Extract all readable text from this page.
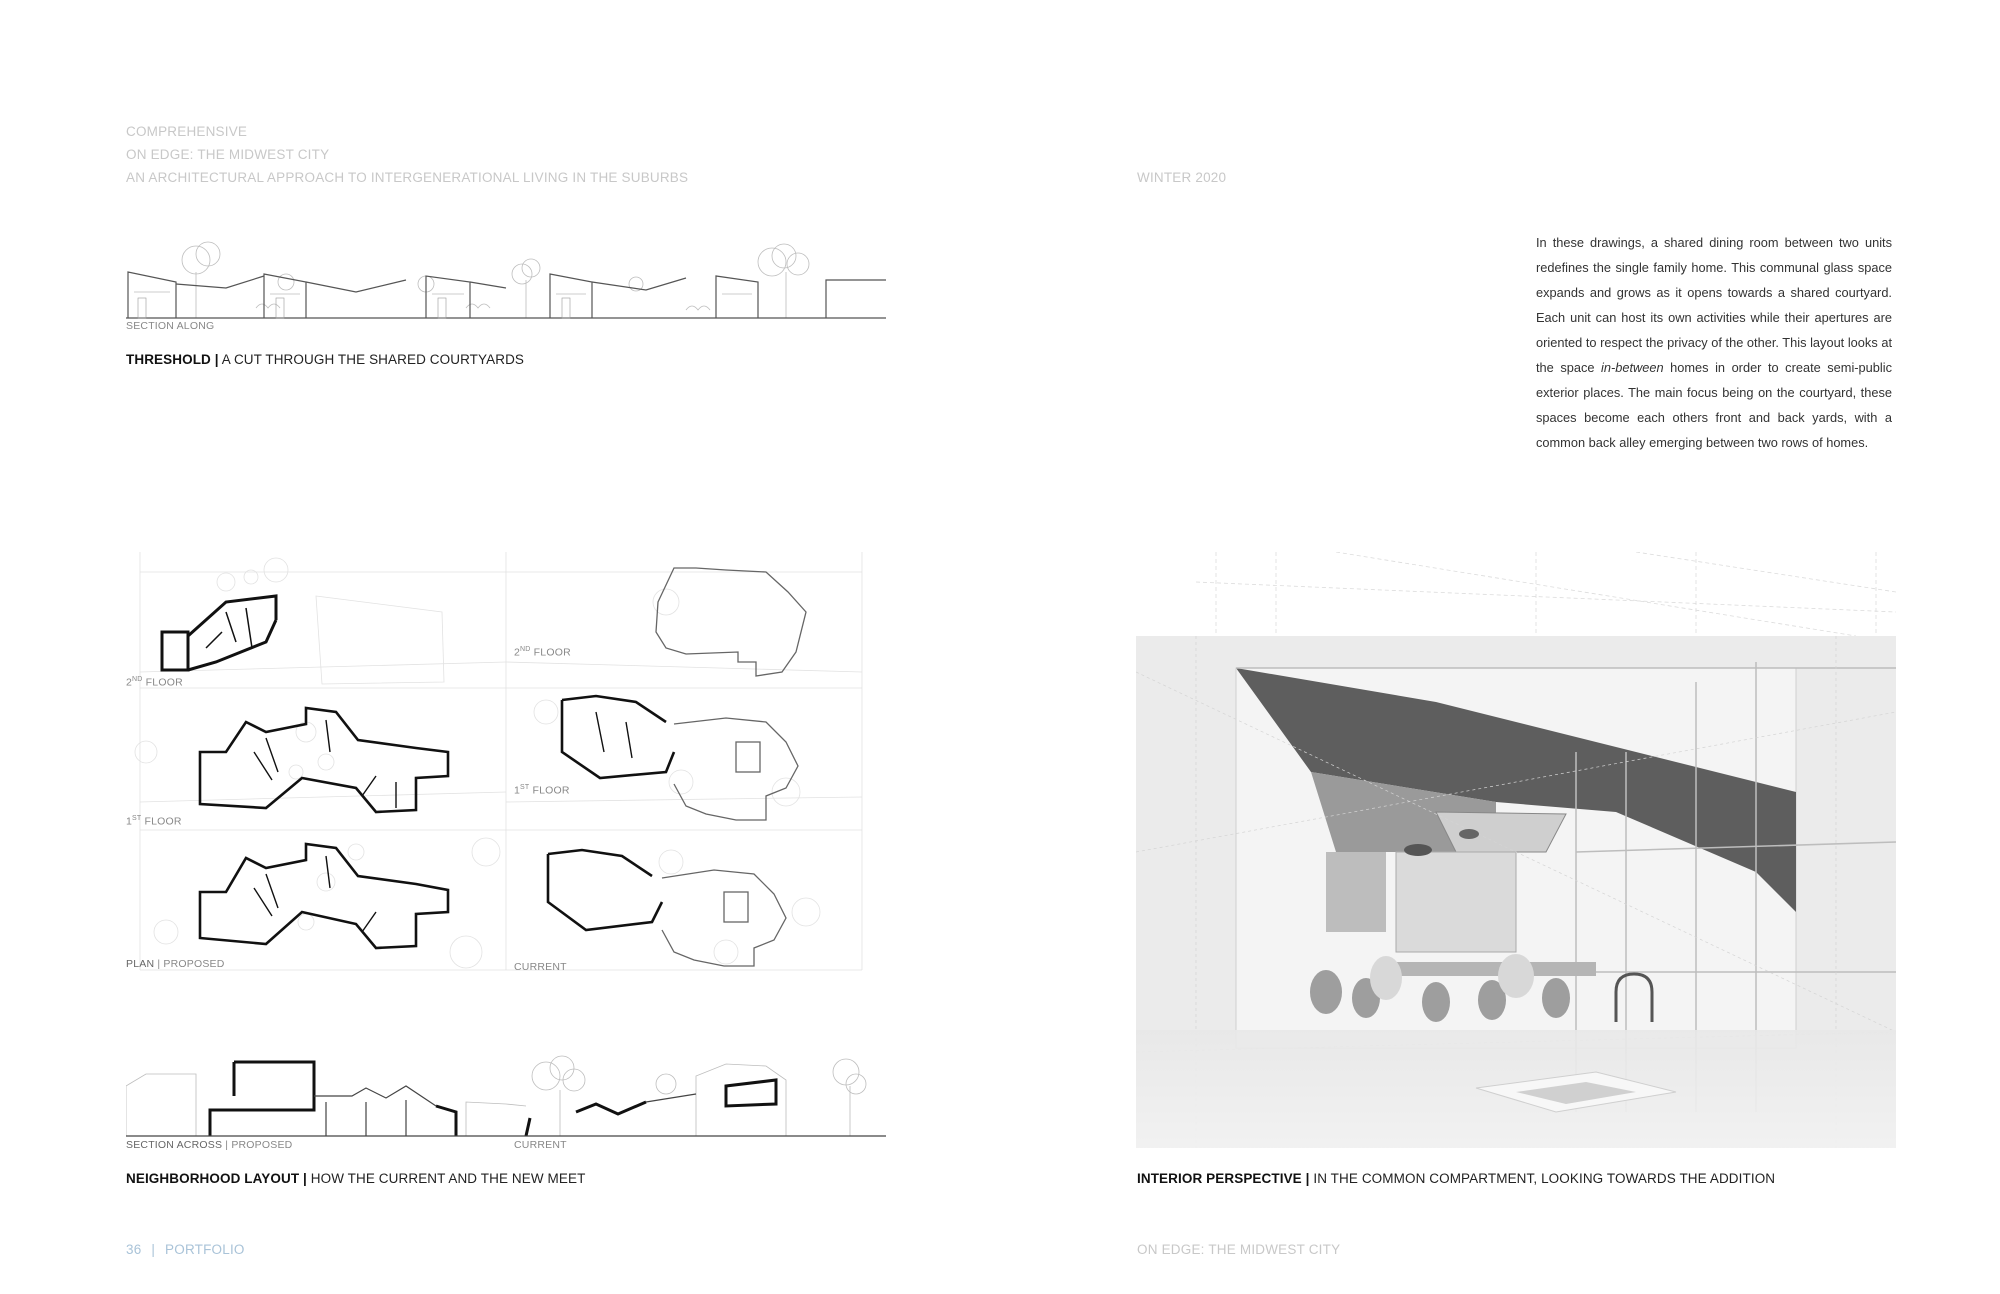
COMPREHENSIVE
ON EDGE: THE MIDWEST CITY
AN ARCHITECTURAL APPROACH TO INTERGENERATIONAL LIVING IN THE SUBURBS	WINTER 2020
SECTION ALONG
THRESHOLD | A CUT THROUGH THE SHARED COURTYARDS
In these drawings, a shared dining room between two units redefines the single family home. This communal glass space expands and grows as it opens towards a shared courtyard. Each unit can host its own activities while their apertures are oriented to respect the privacy of the other. This layout looks at the space in-between homes in order to create semi-public exterior places. The main focus being on the courtyard, these spaces become each others front and back yards, with a common back alley emerging between two rows of homes.
2ND FLOOR
2ND FLOOR
1ST FLOOR
1ST FLOOR
PLAN | PROPOSED	CURRENT
SECTION ACROSS | PROPOSED	CURRENT
NEIGHBORHOOD LAYOUT | HOW THE CURRENT AND THE NEW MEET	INTERIOR PERSPECTIVE | IN THE COMMON COMPARTMENT, LOOKING TOWARDS THE ADDITION
36 | PORTFOLIO	ON EDGE: THE MIDWEST CITY
